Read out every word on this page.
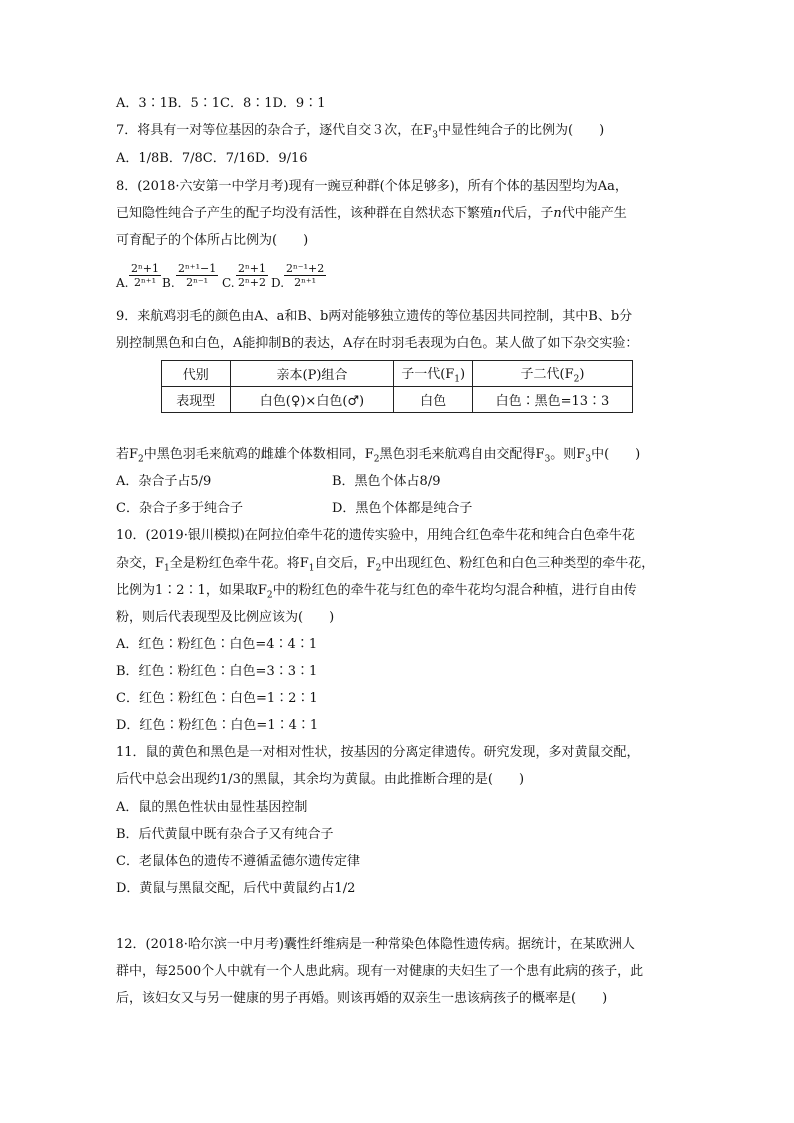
A．3∶1B．5∶1C．8∶1D．9∶1
7．将具有一对等位基因的杂合子，逐代自交３次，在$F_3$中显性纯合子的比例为(　　)
A．1/8B．7/8C．7/16D．9/16
8．(2018·六安第一中学月考)现有一豌豆种群(个体足够多)，所有个体的基因型均为Aa，
已知隐性纯合子产生的配子均没有活性，该种群在自然状态下繁殖n代后，子n代中能产生
可育配子的个体所占比例为(　　)
A. $\frac{\text{2ⁿ+1}}{\text{2ⁿ⁺¹}} B$. $\frac{\text{2ⁿ⁺¹−1}}{\text{2ⁿ⁻¹}} C$. $\frac{\text{2ⁿ+1}}{\text{2ⁿ+2}} D$. $\frac{\text{2ⁿ⁻¹+2}}{\text{2ⁿ⁺¹}}$
9．来航鸡羽毛的颜色由A、a和B、b两对能够独立遗传的等位基因共同控制，其中B、b分
别控制黑色和白色，A能抑制B的表达，A存在时羽毛表现为白色。某人做了如下杂交实验：
代别	亲本(P)组合	子一代$(F_1)$	子二代$(F_2)$
表现型	白色(♀)×白色(♂)	白色	白色∶黑色=13∶3
若$F_2$中黑色羽毛来航鸡的雌雄个体数相同，$F_2$黑色羽毛来航鸡自由交配得$F_3$。则$F_3$中(　　)
A．杂合子占5/9	B．黑色个体占8/9
C．杂合子多于纯合子	D．黑色个体都是纯合子
10．(2019·银川模拟)在阿拉伯牵牛花的遗传实验中，用纯合红色牵牛花和纯合白色牵牛花
杂交，$F_1$全是粉红色牵牛花。将$F_1$自交后，$F_2$中出现红色、粉红色和白色三种类型的牵牛花，
比例为1∶2∶1，如果取$F_2$中的粉红色的牵牛花与红色的牵牛花均匀混合种植，进行自由传
粉，则后代表现型及比例应该为(　　)
A．红色∶粉红色∶白色=4∶4∶1
B．红色∶粉红色∶白色=3∶3∶1
C．红色∶粉红色∶白色=1∶2∶1
D．红色∶粉红色∶白色=1∶4∶1
11．鼠的黄色和黑色是一对相对性状，按基因的分离定律遗传。研究发现，多对黄鼠交配，
后代中总会出现约1/3的黑鼠，其余均为黄鼠。由此推断合理的是(　　)
A．鼠的黑色性状由显性基因控制
B．后代黄鼠中既有杂合子又有纯合子
C．老鼠体色的遗传不遵循孟德尔遗传定律
D．黄鼠与黑鼠交配，后代中黄鼠约占1/2
12．(2018·哈尔滨一中月考)囊性纤维病是一种常染色体隐性遗传病。据统计，在某欧洲人
群中，每2500个人中就有一个人患此病。现有一对健康的夫妇生了一个患有此病的孩子，此
后，该妇女又与另一健康的男子再婚。则该再婚的双亲生一患该病孩子的概率是(　　)
